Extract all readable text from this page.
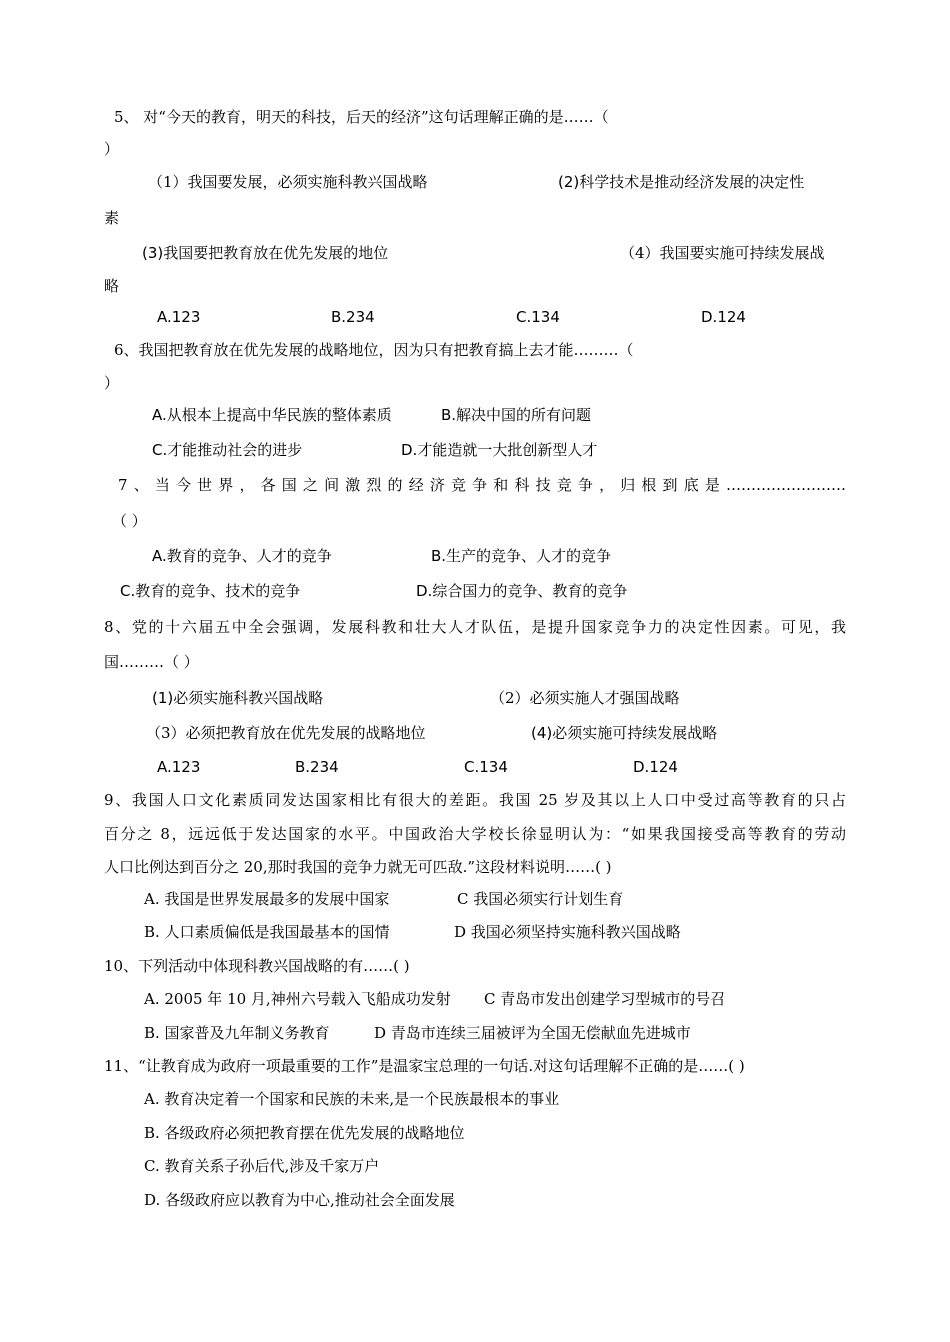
5、 对“今天的教育，明天的科技，后天的经济”这句话理解正确的是……（
）
（1）我国要发展，必须实施科教兴国战略	(2)科学技术是推动经济发展的决定性
素
(3)我国要把教育放在优先发展的地位	（4）我国要实施可持续发展战
略
A.123	B.234	C.134	D.124
6、我国把教育放在优先发展的战略地位，因为只有把教育搞上去才能………（
）
A.从根本上提高中华民族的整体素质	B.解决中国的所有问题
C.才能推动社会的进步	D.才能造就一大批创新型人才
7、当今世界，各国之间激烈的经济竞争和科技竞争，归根到底是……………………
（ ）
A.教育的竞争、人才的竞争	B.生产的竞争、人才的竞争
C.教育的竞争、技术的竞争	D.综合国力的竞争、教育的竞争
8、党的十六届五中全会强调，发展科教和壮大人才队伍，是提升国家竞争力的决定性因素。可见，我
国………（ ）
(1)必须实施科教兴国战略	（2）必须实施人才强国战略
（3）必须把教育放在优先发展的战略地位	(4)必须实施可持续发展战略
A.123	B.234	C.134	D.124
9、我国人口文化素质同发达国家相比有很大的差距。我国 25 岁及其以上人口中受过高等教育的只占
百分之 8，远远低于发达国家的水平。中国政治大学校长徐显明认为：“如果我国接受高等教育的劳动
人口比例达到百分之 20,那时我国的竞争力就无可匹敌.”这段材料说明……( )
A. 我国是世界发展最多的发展中国家	C 我国必须实行计划生育
B. 人口素质偏低是我国最基本的国情	D 我国必须坚持实施科教兴国战略
10、下列活动中体现科教兴国战略的有……( )
A. 2005 年 10 月,神州六号载入飞船成功发射 C 青岛市发出创建学习型城市的号召
B. 国家普及九年制义务教育	D 青岛市连续三届被评为全国无偿献血先进城市
11、“让教育成为政府一项最重要的工作”是温家宝总理的一句话.对这句话理解不正确的是……( )
A. 教育决定着一个国家和民族的未来,是一个民族最根本的事业
B. 各级政府必须把教育摆在优先发展的战略地位
C. 教育关系子孙后代,涉及千家万户
D. 各级政府应以教育为中心,推动社会全面发展
